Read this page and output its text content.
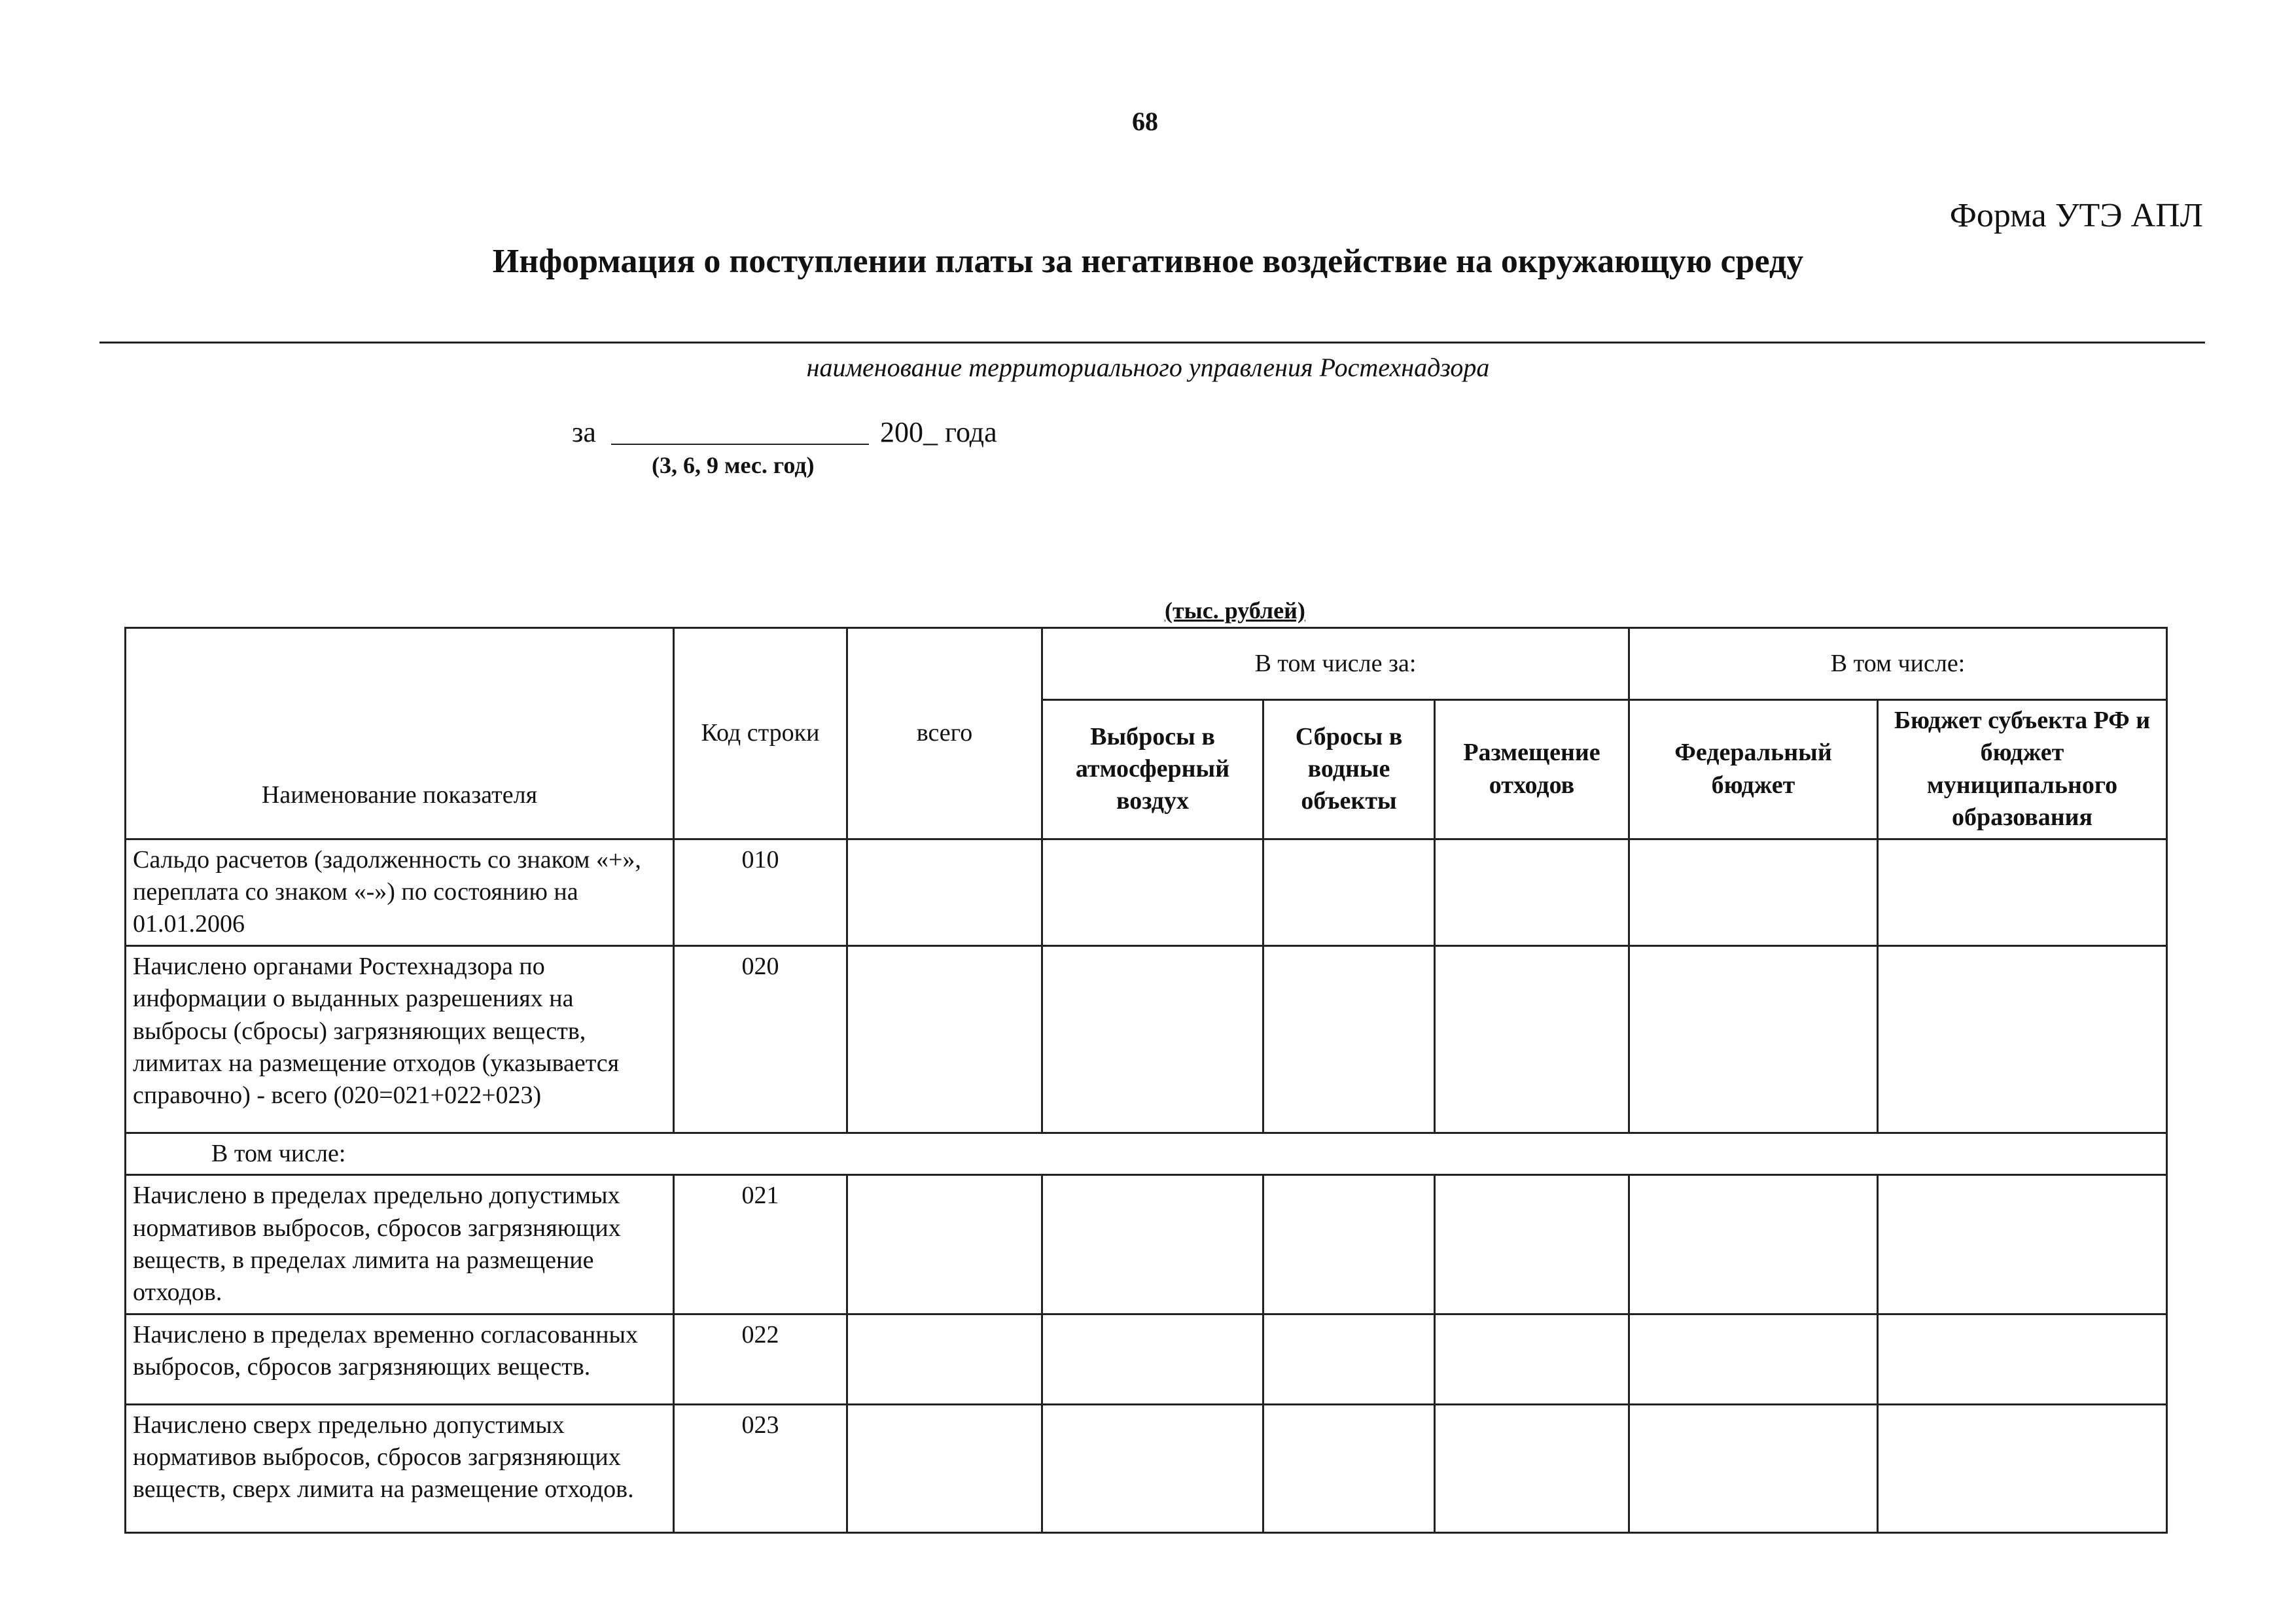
68
Форма УТЭ АПЛ
Информация о поступлении платы за негативное воздействие на окружающую среду
наименование территориального управления Ростехнадзора
за	200_ года
(3, 6, 9 мес. год)
(тыс. рублей)
Наименование показателя	Код строки	всего	В том числе за:			В том числе:	
			Выбросы в атмосферный воздух	Сбросы в водные объекты	Размещение отходов	Федеральный бюджет	Бюджет субъекта РФ и бюджет муниципального образования
Сальдо расчетов (задолженность со знаком «+», переплата со знаком «-») по состоянию на 01.01.2006	010						
Начислено органами Ростехнадзора по информации о выданных разрешениях на выбросы (сбросы) загрязняющих веществ, лимитах на размещение отходов (указывается справочно) - всего (020=021+022+023)	020						
В том числе:							
Начислено в пределах предельно допустимых нормативов выбросов, сбросов загрязняющих веществ, в пределах лимита на размещение отходов.	021						
Начислено в пределах временно согласованных выбросов, сбросов загрязняющих веществ.	022						
Начислено сверх предельно допустимых нормативов выбросов, сбросов загрязняющих веществ, сверх лимита на размещение отходов.	023						
